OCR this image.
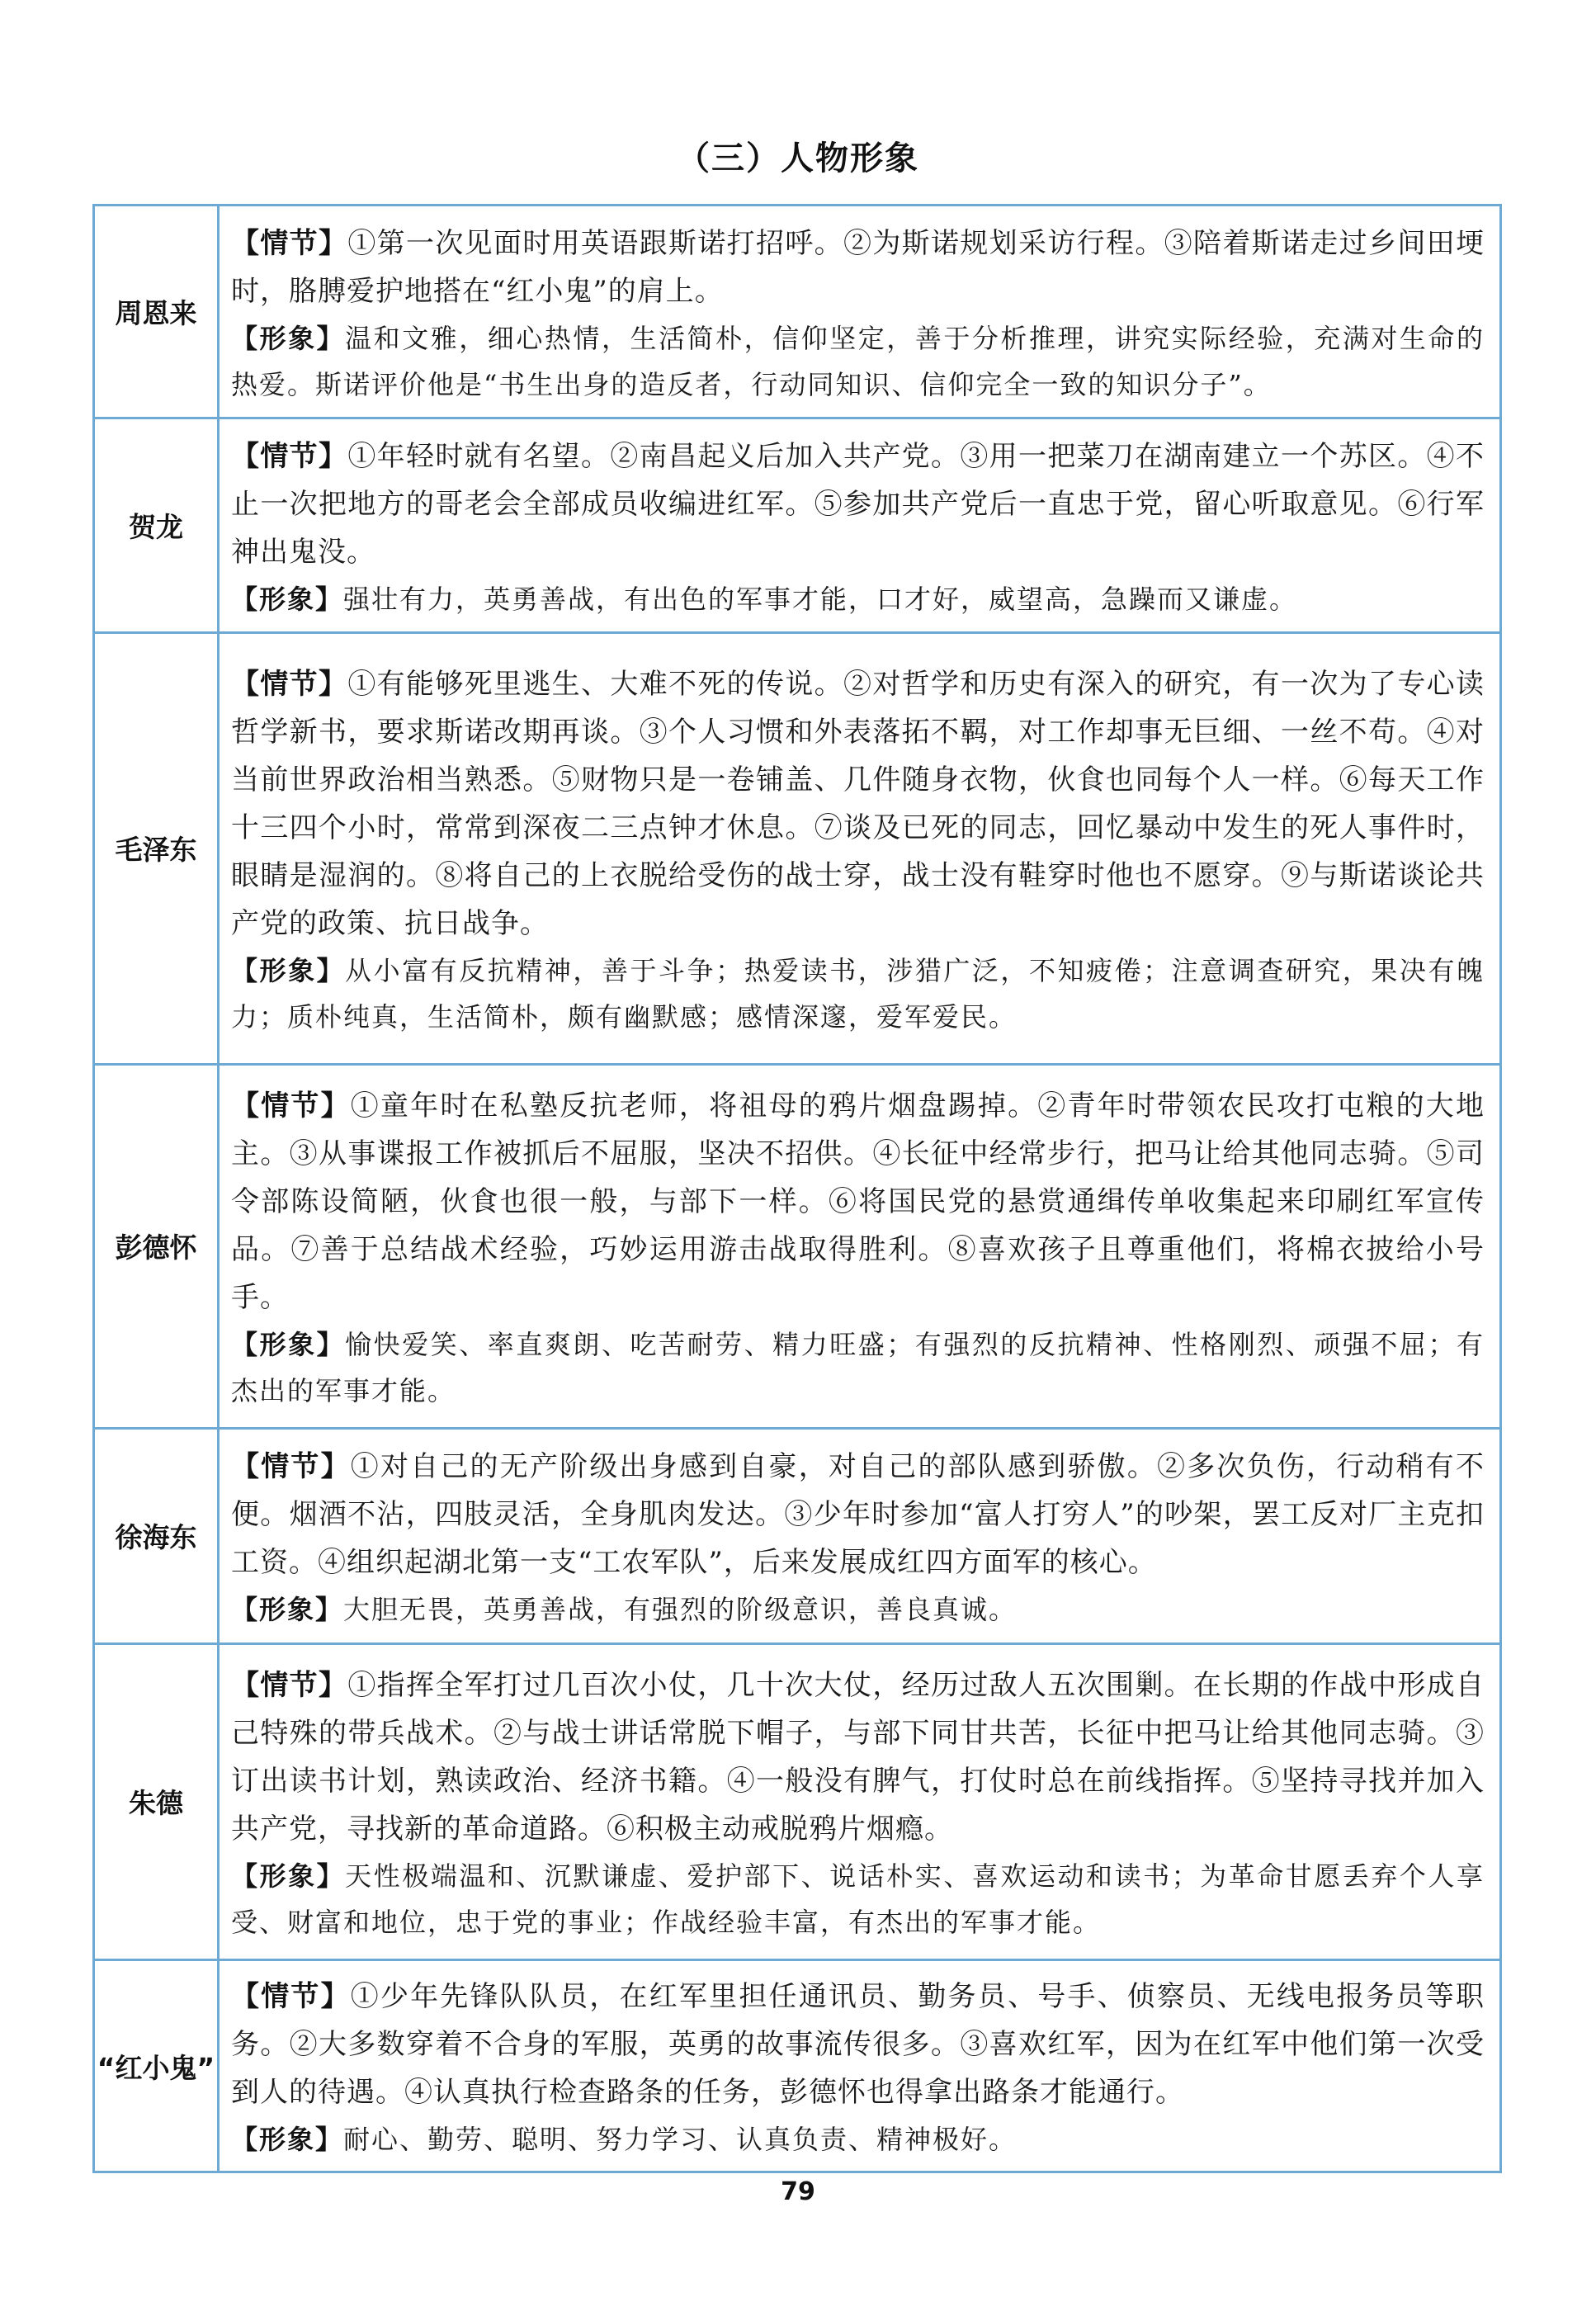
（三）人物形象
周恩来

【情节】①第一次见面时用英语跟斯诺打招呼。②为斯诺规划采访行程。③陪着斯诺走过乡间田埂时，胳膊爱护地搭在“红小鬼”的肩上。

【形象】温和文雅，细心热情，生活简朴，信仰坚定，善于分析推理，讲究实际经验，充满对生命的热爱。斯诺评价他是“书生出身的造反者，行动同知识、信仰完全一致的知识分子”。

贺龙

【情节】①年轻时就有名望。②南昌起义后加入共产党。③用一把菜刀在湖南建立一个苏区。④不止一次把地方的哥老会全部成员收编进红军。⑤参加共产党后一直忠于党，留心听取意见。⑥行军神出鬼没。

【形象】强壮有力，英勇善战，有出色的军事才能，口才好，威望高，急躁而又谦虚。

毛泽东

【情节】①有能够死里逃生、大难不死的传说。②对哲学和历史有深入的研究，有一次为了专心读哲学新书，要求斯诺改期再谈。③个人习惯和外表落拓不羁，对工作却事无巨细、一丝不苟。④对当前世界政治相当熟悉。⑤财物只是一卷铺盖、几件随身衣物，伙食也同每个人一样。⑥每天工作十三四个小时，常常到深夜二三点钟才休息。⑦谈及已死的同志，回忆暴动中发生的死人事件时，眼睛是湿润的。⑧将自己的上衣脱给受伤的战士穿，战士没有鞋穿时他也不愿穿。⑨与斯诺谈论共产党的政策、抗日战争。

【形象】从小富有反抗精神，善于斗争；热爱读书，涉猎广泛，不知疲倦；注意调查研究，果决有魄力；质朴纯真，生活简朴，颇有幽默感；感情深邃，爱军爱民。

彭德怀

【情节】①童年时在私塾反抗老师，将祖母的鸦片烟盘踢掉。②青年时带领农民攻打屯粮的大地主。③从事谍报工作被抓后不屈服，坚决不招供。④长征中经常步行，把马让给其他同志骑。⑤司令部陈设简陋，伙食也很一般，与部下一样。⑥将国民党的悬赏通缉传单收集起来印刷红军宣传品。⑦善于总结战术经验，巧妙运用游击战取得胜利。⑧喜欢孩子且尊重他们，将棉衣披给小号手。

【形象】愉快爱笑、率直爽朗、吃苦耐劳、精力旺盛；有强烈的反抗精神、性格刚烈、顽强不屈；有杰出的军事才能。

徐海东

【情节】①对自己的无产阶级出身感到自豪，对自己的部队感到骄傲。②多次负伤，行动稍有不便。烟酒不沾，四肢灵活，全身肌肉发达。③少年时参加“富人打穷人”的吵架，罢工反对厂主克扣工资。④组织起湖北第一支“工农军队”，后来发展成红四方面军的核心。

【形象】大胆无畏，英勇善战，有强烈的阶级意识，善良真诚。

朱德

【情节】①指挥全军打过几百次小仗，几十次大仗，经历过敌人五次围剿。在长期的作战中形成自己特殊的带兵战术。②与战士讲话常脱下帽子，与部下同甘共苦，长征中把马让给其他同志骑。③订出读书计划，熟读政治、经济书籍。④一般没有脾气，打仗时总在前线指挥。⑤坚持寻找并加入共产党，寻找新的革命道路。⑥积极主动戒脱鸦片烟瘾。

【形象】天性极端温和、沉默谦虚、爱护部下、说话朴实、喜欢运动和读书；为革命甘愿丢弃个人享受、财富和地位，忠于党的事业；作战经验丰富，有杰出的军事才能。

“红小鬼”

【情节】①少年先锋队队员，在红军里担任通讯员、勤务员、号手、侦察员、无线电报务员等职务。②大多数穿着不合身的军服，英勇的故事流传很多。③喜欢红军，因为在红军中他们第一次受到人的待遇。④认真执行检查路条的任务，彭德怀也得拿出路条才能通行。

【形象】耐心、勤劳、聪明、努力学习、认真负责、精神极好。

79
